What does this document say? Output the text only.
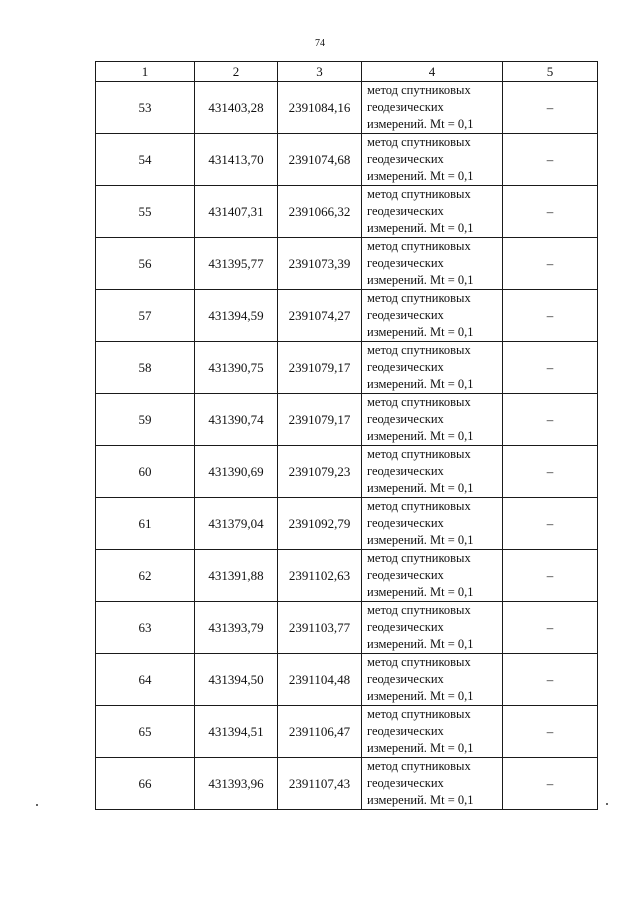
74
1	2	3	4	5
53	431403,28	2391084,16	метод спутниковых
геодезических
измерений. Mt = 0,1	–
54	431413,70	2391074,68	метод спутниковых
геодезических
измерений. Mt = 0,1	–
55	431407,31	2391066,32	метод спутниковых
геодезических
измерений. Mt = 0,1	–
56	431395,77	2391073,39	метод спутниковых
геодезических
измерений. Mt = 0,1	–
57	431394,59	2391074,27	метод спутниковых
геодезических
измерений. Mt = 0,1	–
58	431390,75	2391079,17	метод спутниковых
геодезических
измерений. Mt = 0,1	–
59	431390,74	2391079,17	метод спутниковых
геодезических
измерений. Mt = 0,1	–
60	431390,69	2391079,23	метод спутниковых
геодезических
измерений. Mt = 0,1	–
61	431379,04	2391092,79	метод спутниковых
геодезических
измерений. Mt = 0,1	–
62	431391,88	2391102,63	метод спутниковых
геодезических
измерений. Mt = 0,1	–
63	431393,79	2391103,77	метод спутниковых
геодезических
измерений. Mt = 0,1	–
64	431394,50	2391104,48	метод спутниковых
геодезических
измерений. Mt = 0,1	–
65	431394,51	2391106,47	метод спутниковых
геодезических
измерений. Mt = 0,1	–
66	431393,96	2391107,43	метод спутниковых
геодезических
измерений. Mt = 0,1	–
